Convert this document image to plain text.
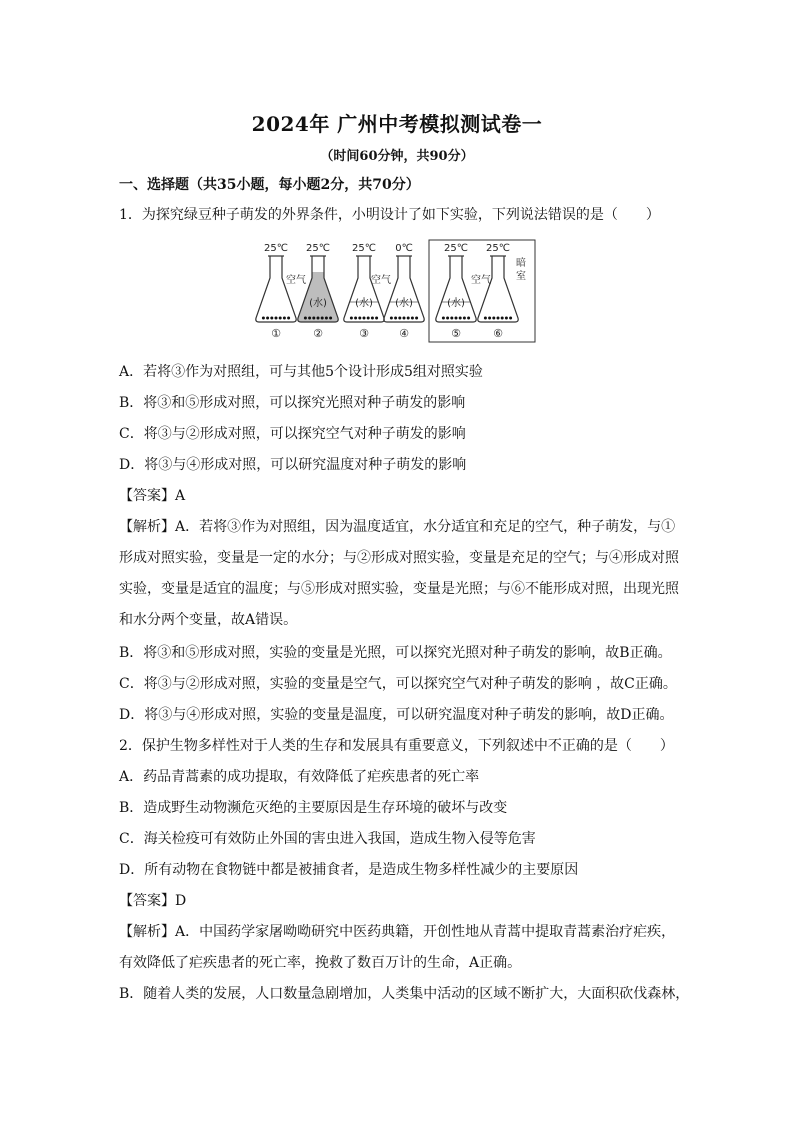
2024年 广州中考模拟测试卷一
（时间60分钟，共90分）
一、选择题（共35小题，每小题2分，共70分）
1．为探究绿豆种子萌发的外界条件，小明设计了如下实验，下列说法错误的是（　　）
25℃
①
25℃
(水)
②
25℃
(水)
③
0℃
(水)
④
25℃
(水)
⑤
25℃
⑥
空气	空气	空气
暗
室
A．若将③作为对照组，可与其他5个设计形成5组对照实验
B．将③和⑤形成对照，可以探究光照对种子萌发的影响
C．将③与②形成对照，可以探究空气对种子萌发的影响
D．将③与④形成对照，可以研究温度对种子萌发的影响
【答案】A
【解析】A．若将③作为对照组，因为温度适宜，水分适宜和充足的空气，种子萌发，与①
形成对照实验，变量是一定的水分；与②形成对照实验，变量是充足的空气；与④形成对照
实验，变量是适宜的温度；与⑤形成对照实验，变量是光照；与⑥不能形成对照，出现光照
和水分两个变量，故A错误。
B．将③和⑤形成对照，实验的变量是光照，可以探究光照对种子萌发的影响，故B正确。
C．将③与②形成对照，实验的变量是空气，可以探究空气对种子萌发的影响 ，故C正确。
D．将③与④形成对照，实验的变量是温度，可以研究温度对种子萌发的影响，故D正确。
2．保护生物多样性对于人类的生存和发展具有重要意义，下列叙述中不正确的是（　　）
A．药品青蒿素的成功提取，有效降低了疟疾患者的死亡率
B．造成野生动物濒危灭绝的主要原因是生存环境的破坏与改变
C．海关检疫可有效防止外国的害虫进入我国，造成生物入侵等危害
D．所有动物在食物链中都是被捕食者，是造成生物多样性减少的主要原因
【答案】D
【解析】A．中国药学家屠呦呦研究中医药典籍，开创性地从青蒿中提取青蒿素治疗疟疾，
有效降低了疟疾患者的死亡率，挽救了数百万计的生命，A正确。
B．随着人类的发展，人口数量急剧增加，人类集中活动的区域不断扩大，大面积砍伐森林，
